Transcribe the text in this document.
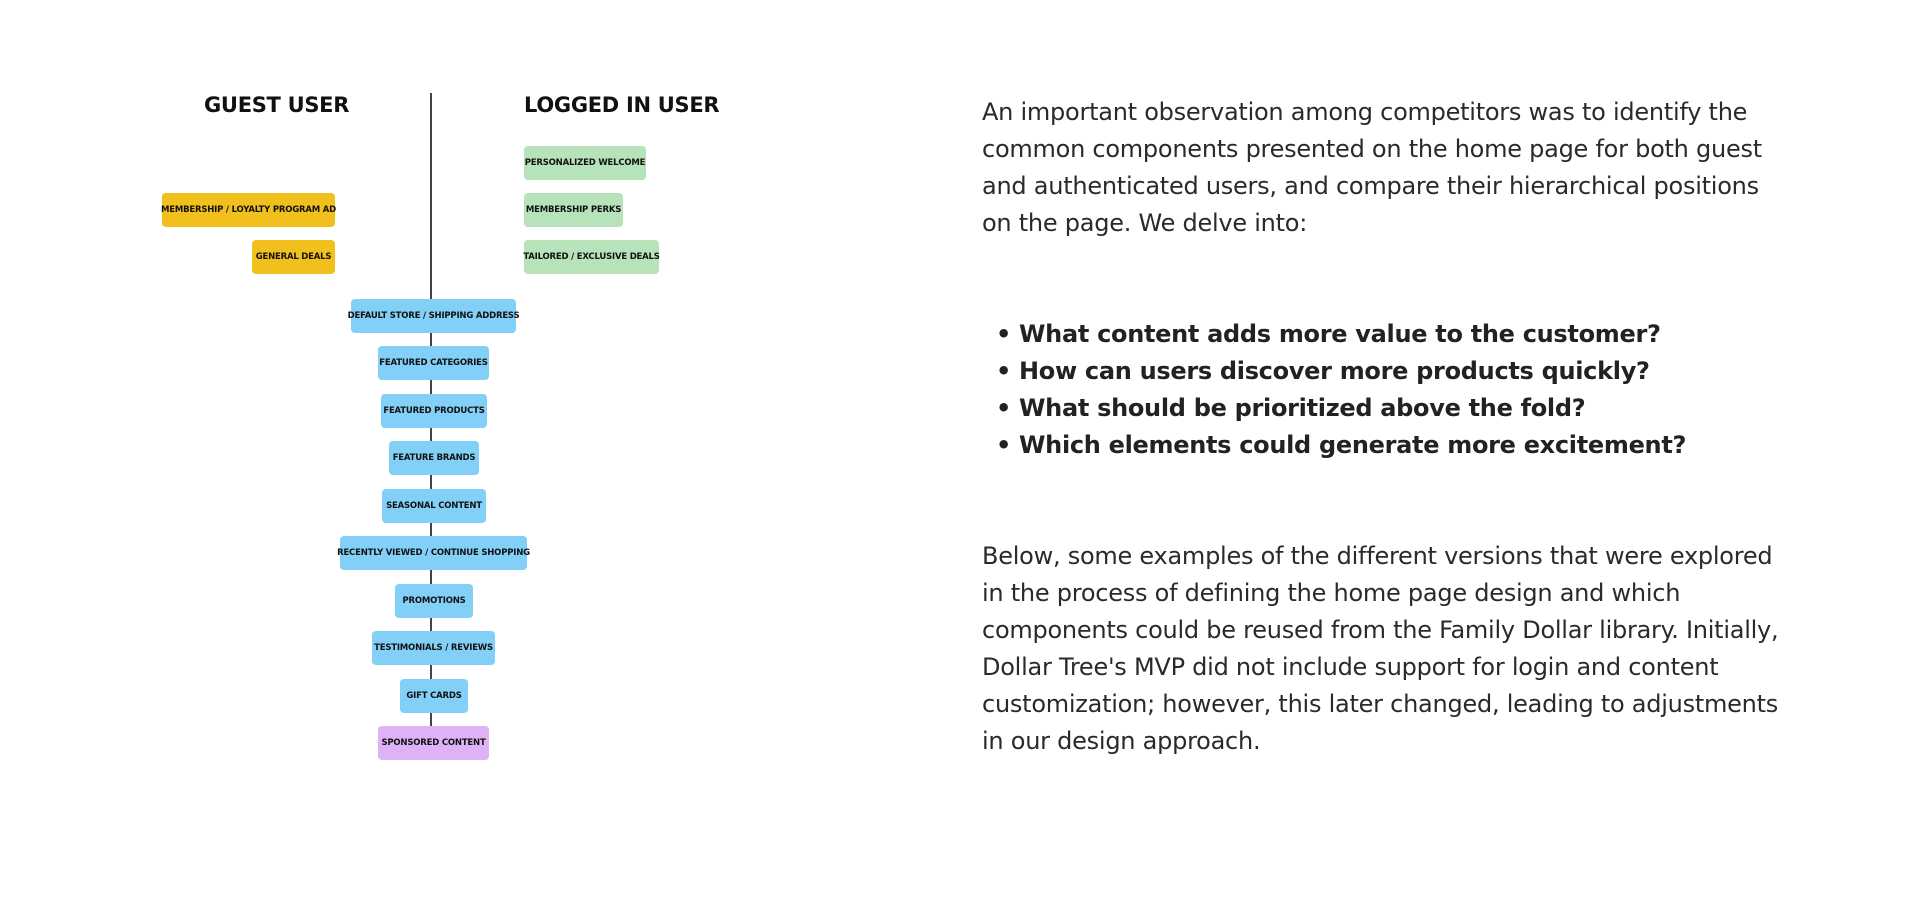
GUEST USER	LOGGED IN USER
MEMBERSHIP / LOYALTY PROGRAM AD
GENERAL DEALS
PERSONALIZED WELCOME
MEMBERSHIP PERKS
TAILORED / EXCLUSIVE DEALS
DEFAULT STORE / SHIPPING ADDRESS
FEATURED CATEGORIES
FEATURED PRODUCTS
FEATURE BRANDS
SEASONAL CONTENT
RECENTLY VIEWED / CONTINUE SHOPPING
PROMOTIONS
TESTIMONIALS / REVIEWS
GIFT CARDS
SPONSORED CONTENT

An important observation among competitors was to identify the common components presented on the home page for both guest and authenticated users, and compare their hierarchical positions on the page. We delve into:

• What content adds more value to the customer?
• How can users discover more products quickly?
• What should be prioritized above the fold?
• Which elements could generate more excitement?

Below, some examples of the different versions that were explored in the process of defining the home page design and which components could be reused from the Family Dollar library. Initially, Dollar Tree's MVP did not include support for login and content customization; however, this later changed, leading to adjustments in our design approach.
